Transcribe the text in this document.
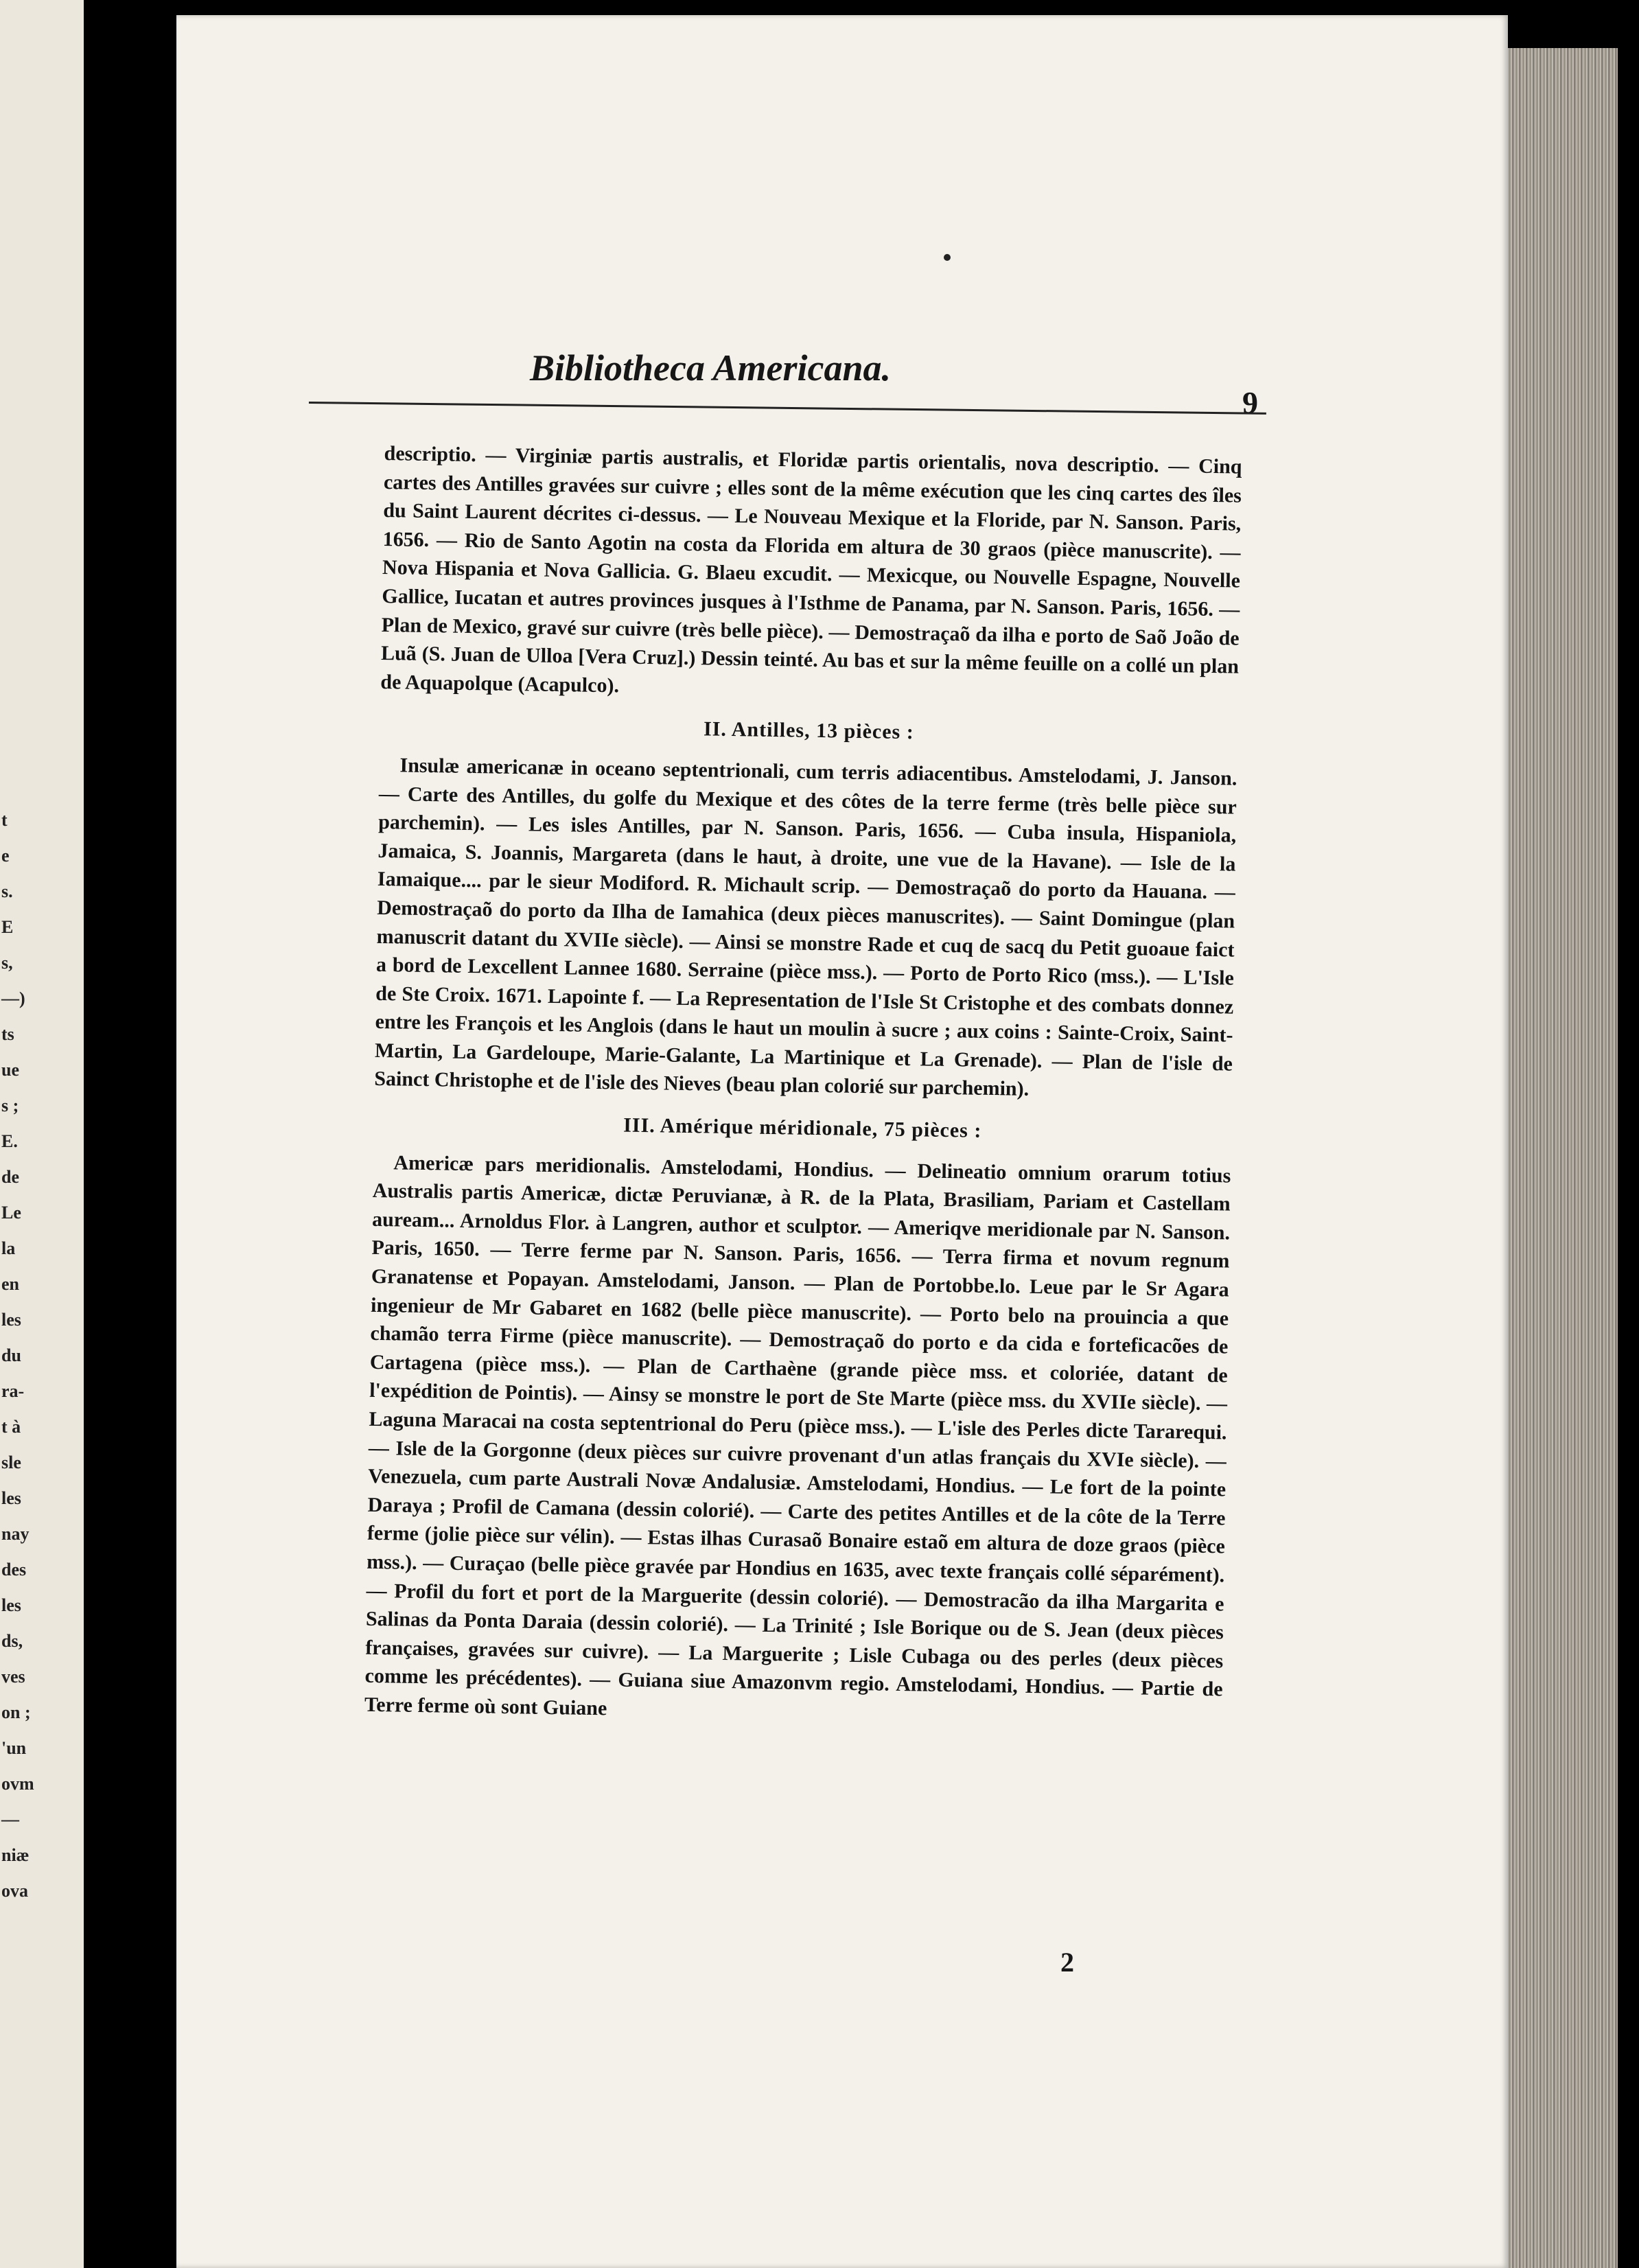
t
e
s.
E
s,
—)
ts
ue
s ;
E.
de
Le
la
en
les
du
ra-
t à
sle
les
nay
des
les
ds,
ves
on ;
'un
ovm
—
niæ
ova
Bibliotheca Americana.
9

descriptio. — Virginiæ partis australis, et Floridæ partis orientalis, nova descriptio. — Cinq cartes des Antilles gravées sur cuivre ; elles sont de la même exécution que les cinq cartes des îles du Saint Laurent décrites ci-dessus. — Le Nouveau Mexique et la Floride, par N. Sanson. Paris, 1656. — Rio de Santo Agotin na costa da Florida em altura de 30 graos (pièce manuscrite). — Nova Hispania et Nova Gallicia. G. Blaeu excudit. — Mexicque, ou Nouvelle Espagne, Nouvelle Gallice, Iucatan et autres provinces jusques à l'Isthme de Panama, par N. Sanson. Paris, 1656. — Plan de Mexico, gravé sur cuivre (très belle pièce). — Demostraçaõ da ilha e porto de Saõ João de Luã (S. Juan de Ulloa [Vera Cruz].) Dessin teinté. Au bas et sur la même feuille on a collé un plan de Aquapolque (Acapulco).

II. Antilles, 13 pièces :

Insulæ americanæ in oceano septentrionali, cum terris adiacentibus. Amstelodami, J. Janson. — Carte des Antilles, du golfe du Mexique et des côtes de la terre ferme (très belle pièce sur parchemin). — Les isles Antilles, par N. Sanson. Paris, 1656. — Cuba insula, Hispaniola, Jamaica, S. Joannis, Margareta (dans le haut, à droite, une vue de la Havane). — Isle de la Iamaique.... par le sieur Modiford. R. Michault scrip. — Demostraçaõ do porto da Hauana. — Demostraçaõ do porto da Ilha de Iamahica (deux pièces manuscrites). — Saint Domingue (plan manuscrit datant du XVIIe siècle). — Ainsi se monstre Rade et cuq de sacq du Petit guoaue faict a bord de Lexcellent Lannee 1680. Serraine (pièce mss.). — Porto de Porto Rico (mss.). — L'Isle de Ste Croix. 1671. Lapointe f. — La Representation de l'Isle St Cristophe et des combats donnez entre les François et les Anglois (dans le haut un moulin à sucre ; aux coins : Sainte-Croix, Saint-Martin, La Gardeloupe, Marie-Galante, La Martinique et La Grenade). — Plan de l'isle de Sainct Christophe et de l'isle des Nieves (beau plan colorié sur parchemin).

III. Amérique méridionale, 75 pièces :

Americæ pars meridionalis. Amstelodami, Hondius. — Delineatio omnium orarum totius Australis partis Americæ, dictæ Peruvianæ, à R. de la Plata, Brasiliam, Pariam et Castellam auream... Arnoldus Flor. à Langren, author et sculptor. — Ameriqve meridionale par N. Sanson. Paris, 1650. — Terre ferme par N. Sanson. Paris, 1656. — Terra firma et novum regnum Granatense et Popayan. Amstelodami, Janson. — Plan de Portobbe.lo. Leue par le Sr Agara ingenieur de Mr Gabaret en 1682 (belle pièce manuscrite). — Porto belo na prouincia a que chamão terra Firme (pièce manuscrite). — Demostraçaõ do porto e da cida e forteficacões de Cartagena (pièce mss.). — Plan de Carthaène (grande pièce mss. et coloriée, datant de l'expédition de Pointis). — Ainsy se monstre le port de Ste Marte (pièce mss. du XVIIe siècle). — Laguna Maracai na costa septentrional do Peru (pièce mss.). — L'isle des Perles dicte Tararequi. — Isle de la Gorgonne (deux pièces sur cuivre provenant d'un atlas français du XVIe siècle). — Venezuela, cum parte Australi Novæ Andalusiæ. Amstelodami, Hondius. — Le fort de la pointe Daraya ; Profil de Camana (dessin colorié). — Carte des petites Antilles et de la côte de la Terre ferme (jolie pièce sur vélin). — Estas ilhas Curasaõ Bonaire estaõ em altura de doze graos (pièce mss.). — Curaçao (belle pièce gravée par Hondius en 1635, avec texte français collé séparément). — Profil du fort et port de la Marguerite (dessin colorié). — Demostracão da ilha Margarita e Salinas da Ponta Daraia (dessin colorié). — La Trinité ; Isle Borique ou de S. Jean (deux pièces françaises, gravées sur cuivre). — La Marguerite ; Lisle Cubaga ou des perles (deux pièces comme les précédentes). — Guiana siue Amazonvm regio. Amstelodami, Hondius. — Partie de Terre ferme où sont Guiane

2
